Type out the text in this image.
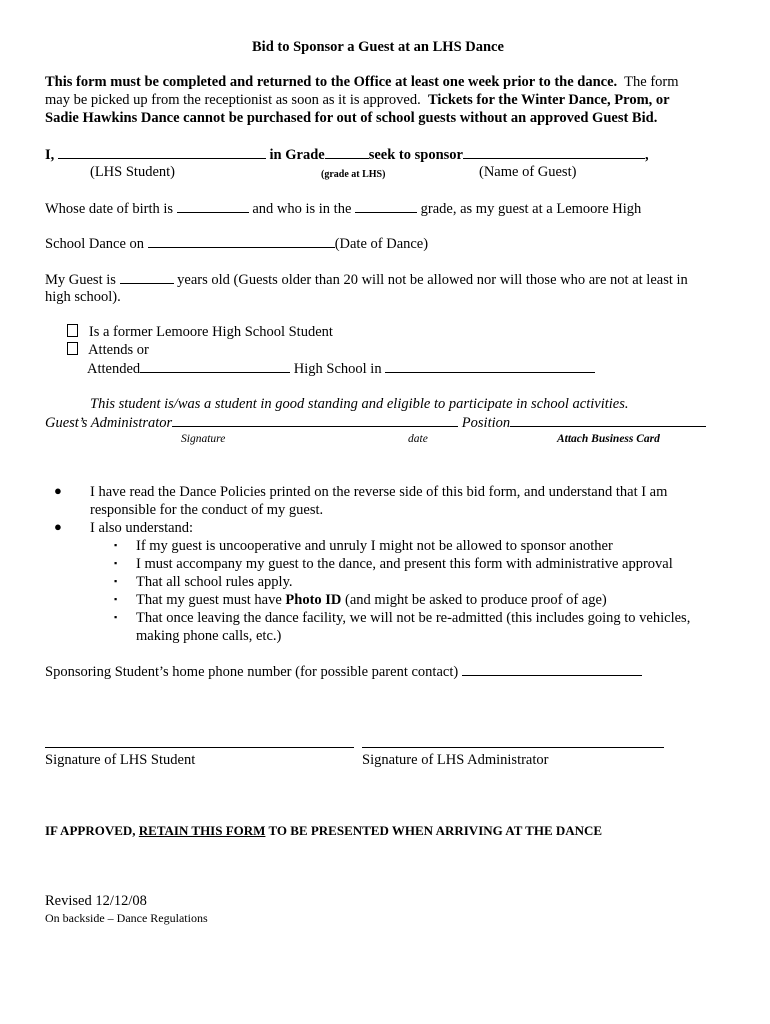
Bid to Sponsor a Guest at an LHS Dance
This form must be completed and returned to the Office at least one week prior to the dance. The form
may be picked up from the receptionist as soon as it is approved. Tickets for the Winter Dance, Prom, or
Sadie Hawkins Dance cannot be purchased for out of school guests without an approved Guest Bid.
I,	in Grade	seek to sponsor	,
(LHS Student)	(grade at LHS)	(Name of Guest)
Whose date of birth is	and who is in the	grade, as my guest at a Lemoore High
School Dance on	(Date of Dance)
My Guest is	years old (Guests older than 20 will not be allowed nor will those who are not at least in
high school).
Is a former Lemoore High School Student
Attends or
Attended	High School in
This student is/was a student in good standing and eligible to participate in school activities.
Guest’s Administrator	Position
Signature	date	Attach Business Card
● I have read the Dance Policies printed on the reverse side of this bid form, and understand that I am
responsible for the conduct of my guest.
● I also understand:
▪ If my guest is uncooperative and unruly I might not be allowed to sponsor another
▪ I must accompany my guest to the dance, and present this form with administrative approval
▪ That all school rules apply.
▪ That my guest must have Photo ID (and might be asked to produce proof of age)
▪ That once leaving the dance facility, we will not be re-admitted (this includes going to vehicles,
making phone calls, etc.)
Sponsoring Student’s home phone number (for possible parent contact)
Signature of LHS Student	Signature of LHS Administrator
IF APPROVED, RETAIN THIS FORM TO BE PRESENTED WHEN ARRIVING AT THE DANCE
Revised 12/12/08
On backside – Dance Regulations
